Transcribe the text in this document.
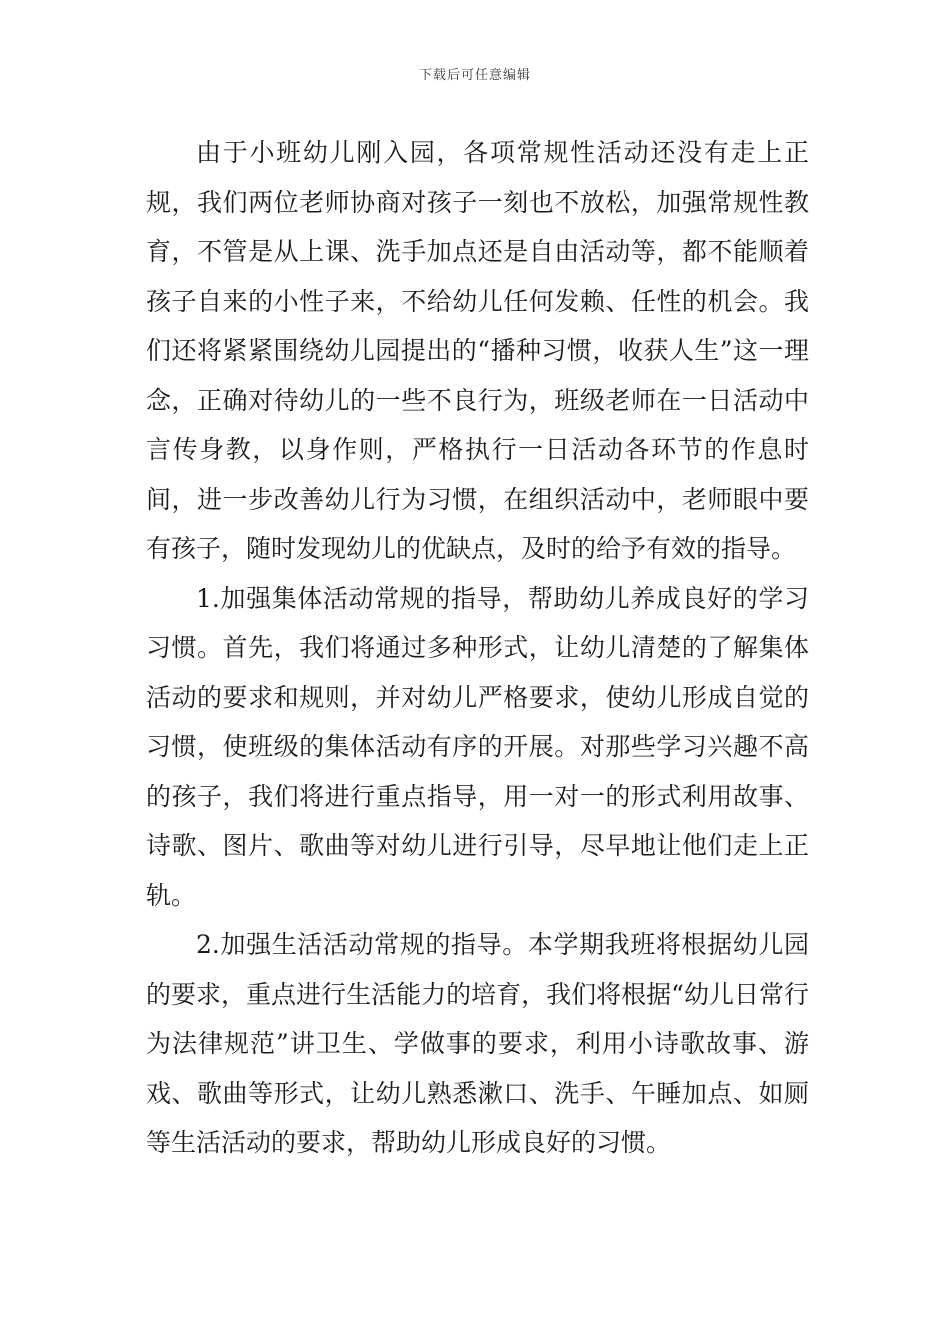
下载后可任意编辑

由于小班幼儿刚入园，各项常规性活动还没有走上正规，我们两位老师协商对孩子一刻也不放松，加强常规性教育，不管是从上课、洗手加点还是自由活动等，都不能顺着孩子自来的小性子来，不给幼儿任何发赖、任性的机会。我们还将紧紧围绕幼儿园提出的“播种习惯，收获人生”这一理念，正确对待幼儿的一些不良行为，班级老师在一日活动中言传身教，以身作则，严格执行一日活动各环节的作息时间，进一步改善幼儿行为习惯，在组织活动中，老师眼中要有孩子，随时发现幼儿的优缺点，及时的给予有效的指导。

1.加强集体活动常规的指导，帮助幼儿养成良好的学习习惯。首先，我们将通过多种形式，让幼儿清楚的了解集体活动的要求和规则，并对幼儿严格要求，使幼儿形成自觉的习惯，使班级的集体活动有序的开展。对那些学习兴趣不高的孩子，我们将进行重点指导，用一对一的形式利用故事、诗歌、图片、歌曲等对幼儿进行引导，尽早地让他们走上正轨。

2.加强生活活动常规的指导。本学期我班将根据幼儿园的要求，重点进行生活能力的培育，我们将根据“幼儿日常行为法律规范”讲卫生、学做事的要求，利用小诗歌故事、游戏、歌曲等形式，让幼儿熟悉漱口、洗手、午睡加点、如厕等生活活动的要求，帮助幼儿形成良好的习惯。
